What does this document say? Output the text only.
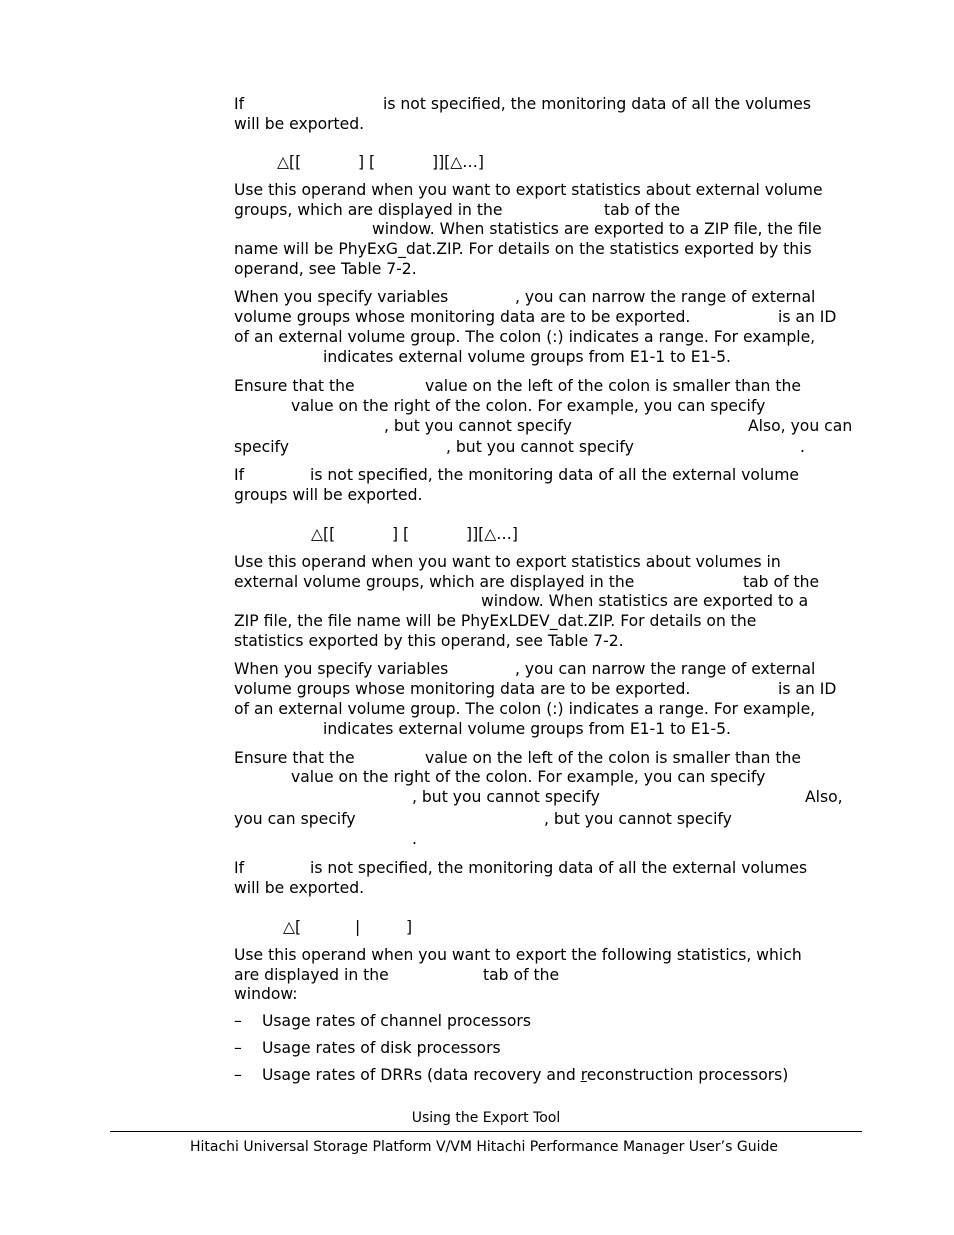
If	is not specified, the monitoring data of all the volumes
will be exported.
△[[	] [	]][△…]
Use this operand when you want to export statistics about external volume
groups, which are displayed in the	tab of the
window. When statistics are exported to a ZIP file, the file
name will be PhyExG_dat.ZIP. For details on the statistics exported by this
operand, see Table 7-2.
When you specify variables	, you can narrow the range of external
volume groups whose monitoring data are to be exported.	is an ID
of an external volume group. The colon (:) indicates a range. For example,
indicates external volume groups from E1-1 to E1-5.
Ensure that the	value on the left of the colon is smaller than the
value on the right of the colon. For example, you can specify
, but you cannot specify	Also, you can
specify	, but you cannot specify	.
If	is not specified, the monitoring data of all the external volume
groups will be exported.
△[[	] [	]][△…]
Use this operand when you want to export statistics about volumes in
external volume groups, which are displayed in the	tab of the
window. When statistics are exported to a
ZIP file, the file name will be PhyExLDEV_dat.ZIP. For details on the
statistics exported by this operand, see Table 7-2.
When you specify variables	, you can narrow the range of external
volume groups whose monitoring data are to be exported.	is an ID
of an external volume group. The colon (:) indicates a range. For example,
indicates external volume groups from E1-1 to E1-5.
Ensure that the	value on the left of the colon is smaller than the
value on the right of the colon. For example, you can specify
, but you cannot specify	Also,
you can specify	, but you cannot specify
.
If	is not specified, the monitoring data of all the external volumes
will be exported.
△[	|	]
Use this operand when you want to export the following statistics, which
are displayed in the	tab of the
window:
– Usage rates of channel processors
– Usage rates of disk processors
– Usage rates of DRRs (data recovery and reconstruction processors)
Using the Export Tool
Hitachi Universal Storage Platform V/VM Hitachi Performance Manager User’s Guide
